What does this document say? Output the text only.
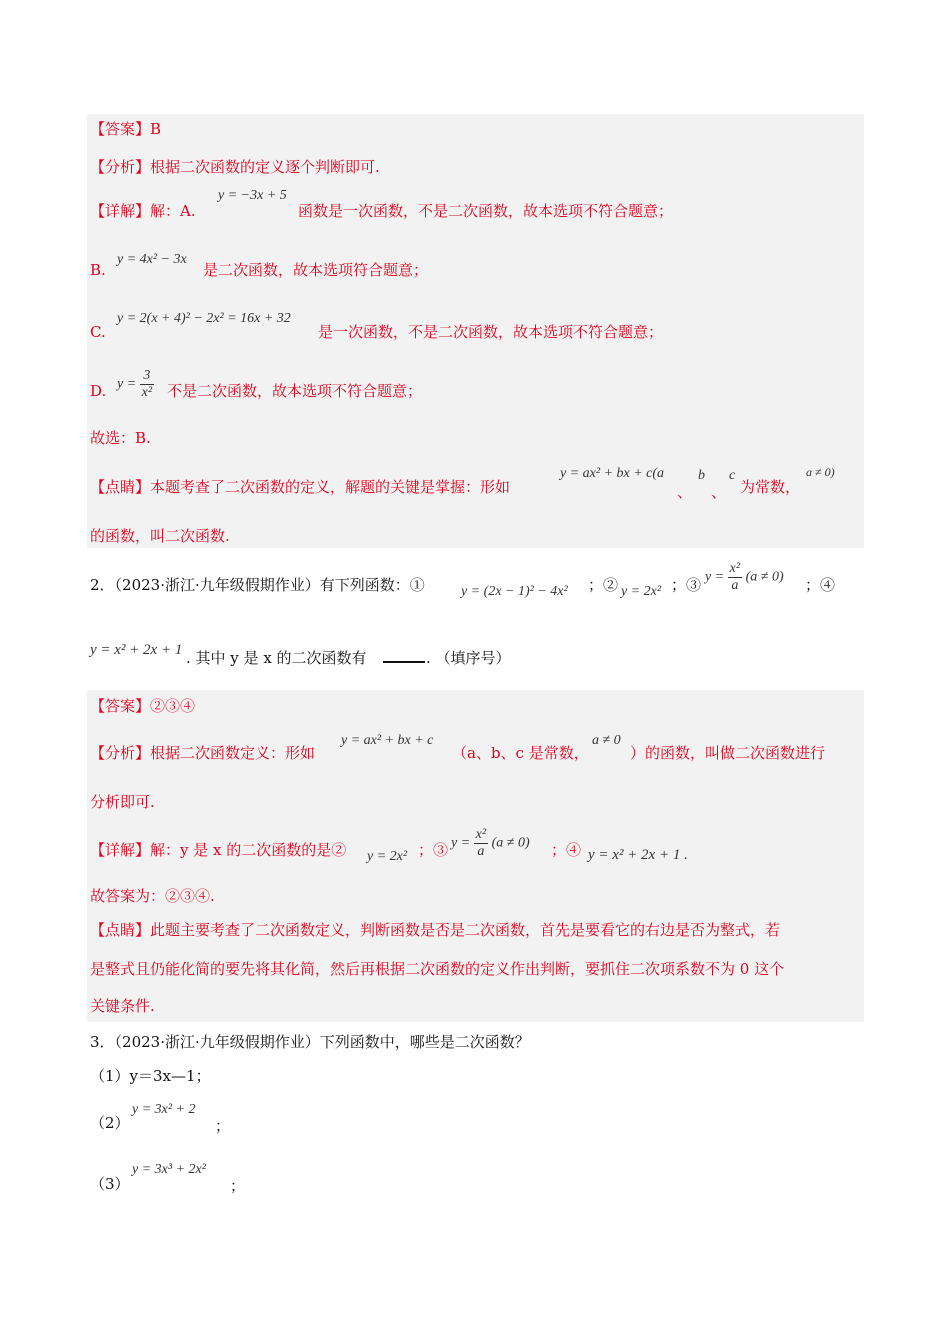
【答案】B
【分析】根据二次函数的定义逐个判断即可.
【详解】解：A.
y = −3x + 5
函数是一次函数，不是二次函数，故本选项不符合题意；
B.
y = 4x² − 3x
是二次函数，故本选项符合题意；
C.
y = 2(x + 4)² − 2x² = 16x + 32
是一次函数，不是二次函数，故本选项不符合题意；
D. $y = \frac{3}{\text{x²}}$ 不是二次函数，故本选项不符合题意；
故选：B.
【点睛】本题考查了二次函数的定义，解题的关键是掌握：形如
y = ax² + bx + c(a b c
、 、 为常数，
a ≠ 0)
的函数，叫二次函数.
2．（2023·浙江·九年级假期作业）有下列函数：①	y = (2x − 1)² − 4x² ；② y = 2x² ；③ $y = \frac{\text{x²}}{a} (a \ne 0)$ ；④
y = x² + 2x + 1 . 其中 y 是 x 的二次函数有	. （填序号）
【答案】②③④
【分析】根据二次函数定义：形如
y = ax² + bx + c
（a、b、c 是常数，
a ≠ 0
）的函数，叫做二次函数进行
分析即可.
【详解】解：y 是 x 的二次函数的是② y = 2x² ；③ $y = \frac{\text{x²}}{a} (a \ne 0)$ ；④ y = x² + 2x + 1 .
故答案为：②③④.
【点睛】此题主要考查了二次函数定义，判断函数是否是二次函数，首先是要看它的右边是否为整式，若
是整式且仍能化简的要先将其化简，然后再根据二次函数的定义作出判断，要抓住二次项系数不为 0 这个
关键条件.
3．（2023·浙江·九年级假期作业）下列函数中，哪些是二次函数？
（1）y＝3x—1；
（2）
y = 3x² + 2
；
（3）
y = 3x³ + 2x²
；
